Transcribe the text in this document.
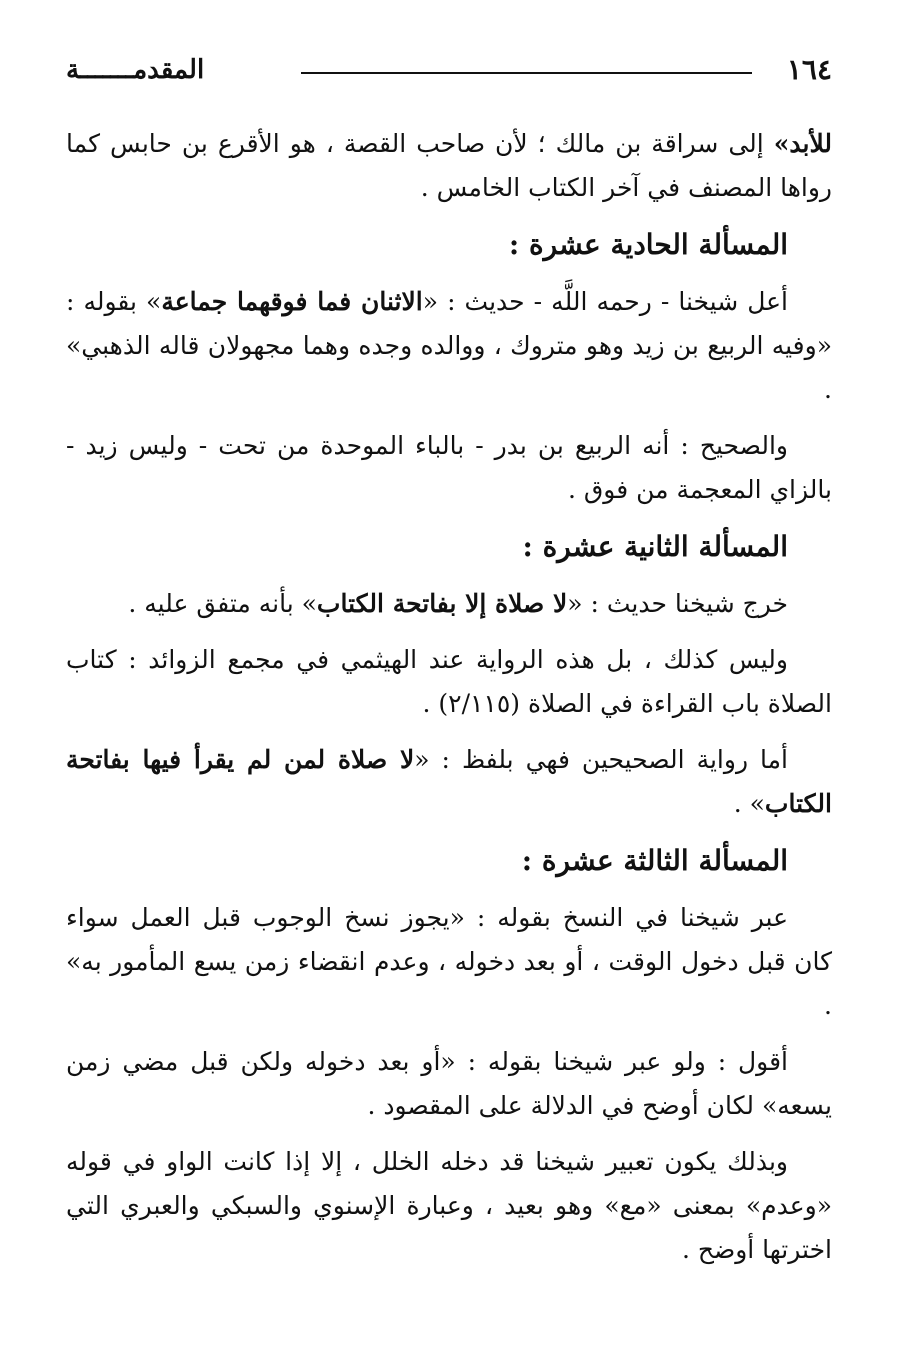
١٦٤
المقدمـــــــة

للأبد» إلى سراقة بن مالك ؛ لأن صاحب القصة ، هو الأقرع بن حابس كما رواها المصنف في آخر الكتاب الخامس .

المسألة الحادية عشرة :

أعل شيخنا - رحمه اللَّه - حديث : «الاثنان فما فوقهما جماعة» بقوله : «وفيه الربيع بن زيد وهو متروك ، ووالده وجده وهما مجهولان قاله الذهبي» .

والصحيح : أنه الربيع بن بدر - بالباء الموحدة من تحت - وليس زيد - بالزاي المعجمة من فوق .

المسألة الثانية عشرة :

خرج شيخنا حديث : «لا صلاة إلا بفاتحة الكتاب» بأنه متفق عليه .

وليس كذلك ، بل هذه الرواية عند الهيثمي في مجمع الزوائد : كتاب الصلاة باب القراءة في الصلاة (٢/١١٥) .

أما رواية الصحيحين فهي بلفظ : «لا صلاة لمن لم يقرأ فيها بفاتحة الكتاب» .

المسألة الثالثة عشرة :

عبر شيخنا في النسخ بقوله : «يجوز نسخ الوجوب قبل العمل سواء كان قبل دخول الوقت ، أو بعد دخوله ، وعدم انقضاء زمن يسع المأمور به» .

أقول : ولو عبر شيخنا بقوله : «أو بعد دخوله ولكن قبل مضي زمن يسعه» لكان أوضح في الدلالة على المقصود .

وبذلك يكون تعبير شيخنا قد دخله الخلل ، إلا إذا كانت الواو في قوله «وعدم» بمعنى «مع» وهو بعيد ، وعبارة الإسنوي والسبكي والعبري التي اخترتها أوضح .
